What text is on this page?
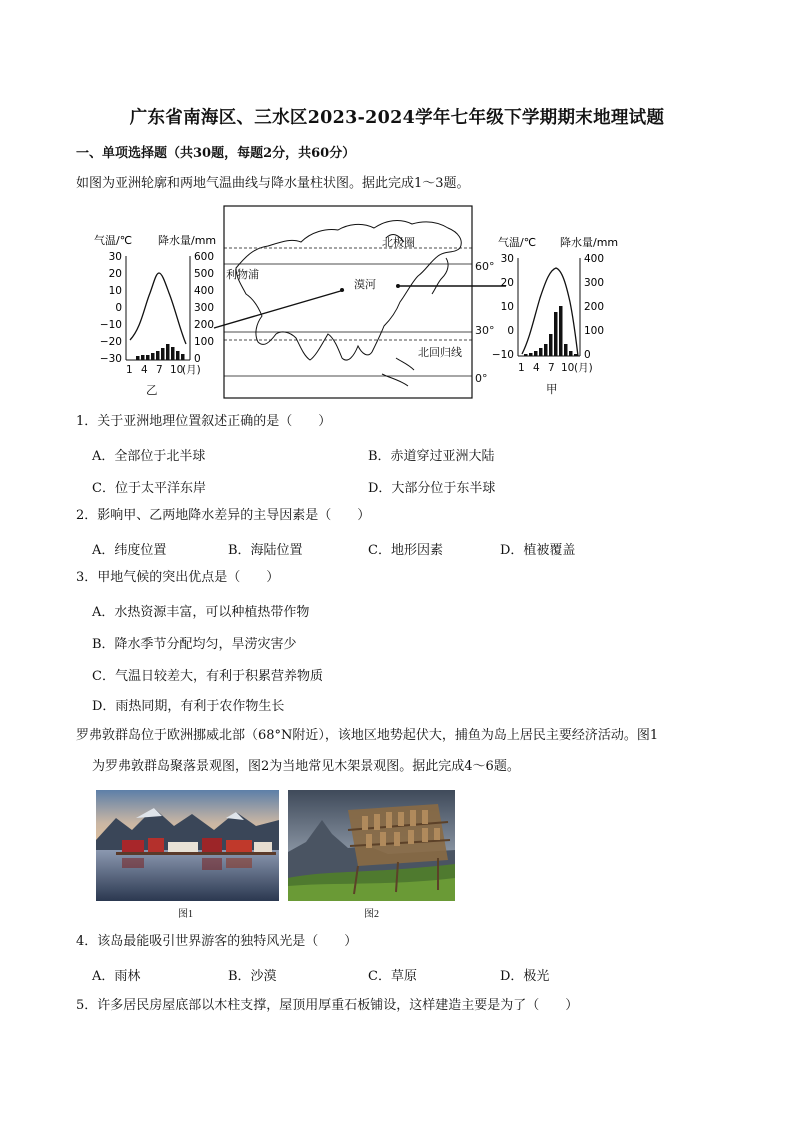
广东省南海区、三水区2023-2024学年七年级下学期期末地理试题
一、单项选择题（共30题，每题2分，共60分）
如图为亚洲轮廓和两地气温曲线与降水量柱状图。据此完成1～3题。
气温/℃ 降水量/mm
30
20
10
0
−10
−20
−30
600
500
400
300
200
100
0
1 4 7 10
(月)
乙
北极圈
北回归线
利物浦
漠河
60°
30°
0°
气温/℃ 降水量/mm
30
20
10
0
−10
400
300
200
100
0
1 4 7 10 (月)
甲
1．关于亚洲地理位置叙述正确的是（　　）
A．全部位于北半球	B．赤道穿过亚洲大陆
C．位于太平洋东岸	D．大部分位于东半球
2．影响甲、乙两地降水差异的主导因素是（　　）
A．纬度位置	B．海陆位置	C．地形因素	D．植被覆盖
3．甲地气候的突出优点是（　　）
A．水热资源丰富，可以种植热带作物
B．降水季节分配均匀，旱涝灾害少
C．气温日较差大，有利于积累营养物质
D．雨热同期，有利于农作物生长
罗弗敦群岛位于欧洲挪威北部（68°N附近），该地区地势起伏大，捕鱼为岛上居民主要经济活动。图1
为罗弗敦群岛聚落景观图，图2为当地常见木架景观图。据此完成4～6题。
图1	图2
4．该岛最能吸引世界游客的独特风光是（　　）
A．雨林	B．沙漠	C．草原	D．极光
5．许多居民房屋底部以木柱支撑，屋顶用厚重石板铺设，这样建造主要是为了（　　）
